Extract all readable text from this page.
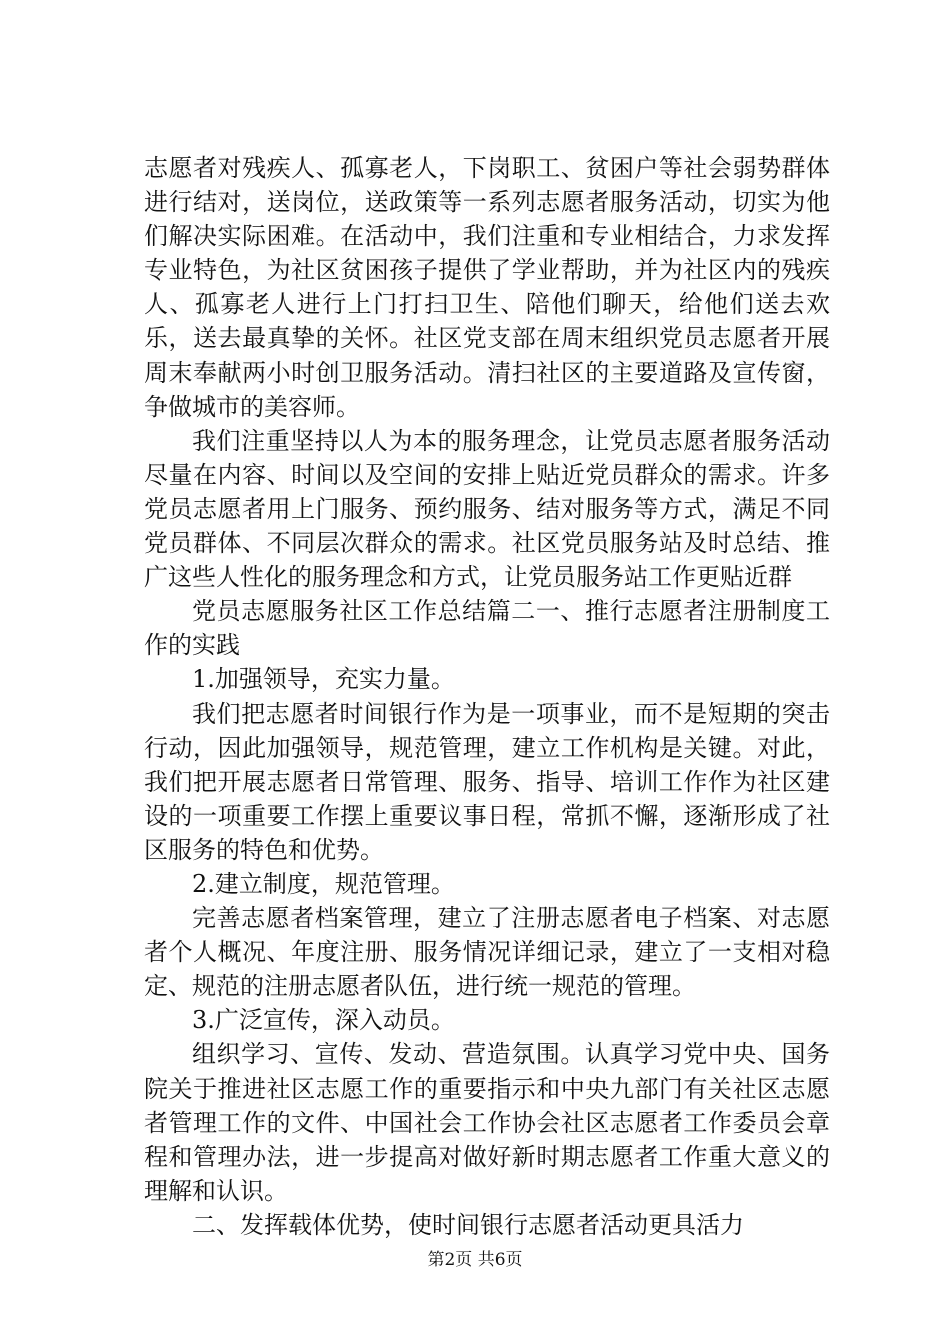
志愿者对残疾人、孤寡老人，下岗职工、贫困户等社会弱势群体进行结对，送岗位，送政策等一系列志愿者服务活动，切实为他们解决实际困难。在活动中，我们注重和专业相结合，力求发挥专业特色，为社区贫困孩子提供了学业帮助，并为社区内的残疾人、孤寡老人进行上门打扫卫生、陪他们聊天，给他们送去欢乐，送去最真挚的关怀。社区党支部在周末组织党员志愿者开展周末奉献两小时创卫服务活动。清扫社区的主要道路及宣传窗，争做城市的美容师。

我们注重坚持以人为本的服务理念，让党员志愿者服务活动尽量在内容、时间以及空间的安排上贴近党员群众的需求。许多党员志愿者用上门服务、预约服务、结对服务等方式，满足不同党员群体、不同层次群众的需求。社区党员服务站及时总结、推广这些人性化的服务理念和方式，让党员服务站工作更贴近群

党员志愿服务社区工作总结篇二一、推行志愿者注册制度工作的实践

1.加强领导，充实力量。

我们把志愿者时间银行作为是一项事业，而不是短期的突击行动，因此加强领导，规范管理，建立工作机构是关键。对此，我们把开展志愿者日常管理、服务、指导、培训工作作为社区建设的一项重要工作摆上重要议事日程，常抓不懈，逐渐形成了社区服务的特色和优势。

2.建立制度，规范管理。

完善志愿者档案管理，建立了注册志愿者电子档案、对志愿者个人概况、年度注册、服务情况详细记录，建立了一支相对稳定、规范的注册志愿者队伍，进行统一规范的管理。

3.广泛宣传，深入动员。

组织学习、宣传、发动、营造氛围。认真学习党中央、国务院关于推进社区志愿工作的重要指示和中央九部门有关社区志愿者管理工作的文件、中国社会工作协会社区志愿者工作委员会章程和管理办法，进一步提高对做好新时期志愿者工作重大意义的理解和认识。

二、发挥载体优势，使时间银行志愿者活动更具活力

第2页 共6页
